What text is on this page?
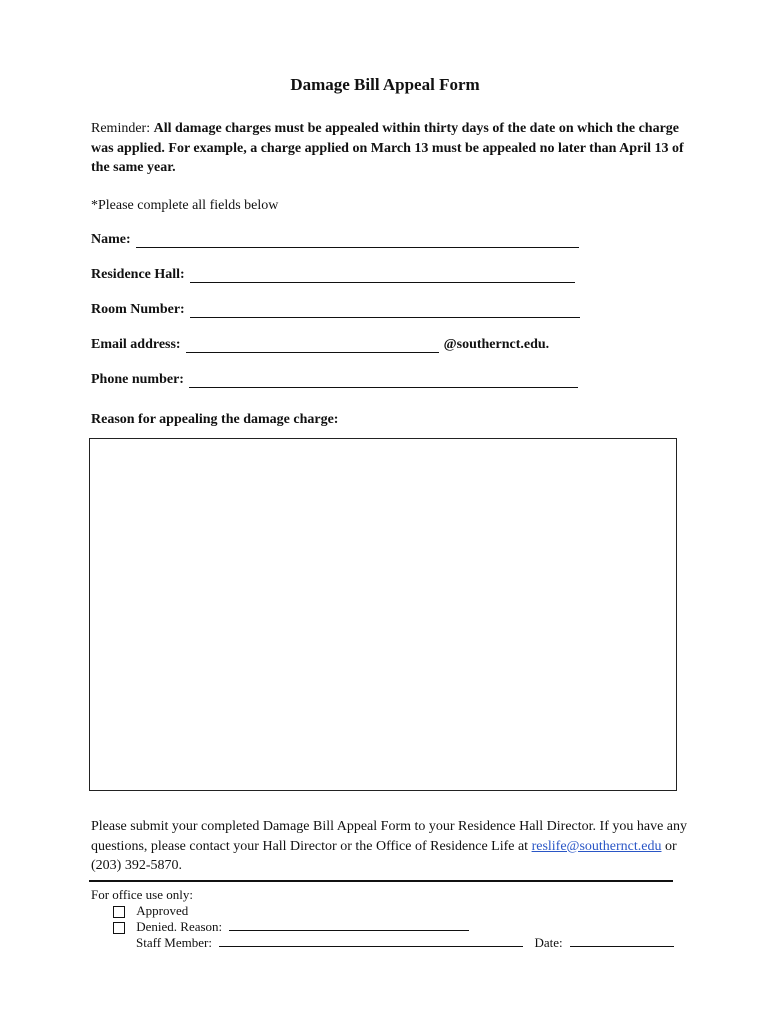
Damage Bill Appeal Form
Reminder: All damage charges must be appealed within thirty days of the date on which the charge was applied. For example, a charge applied on March 13 must be appealed no later than April 13 of the same year.
*Please complete all fields below
Name:
Residence Hall:
Room Number:
Email address:	@southernct.edu.
Phone number:
Reason for appealing the damage charge:
Please submit your completed Damage Bill Appeal Form to your Residence Hall Director. If you have any questions, please contact your Hall Director or the Office of Residence Life at reslife@southernct.edu or (203) 392-5870.
For office use only:
Approved
Denied. Reason:
Staff Member:	Date:
